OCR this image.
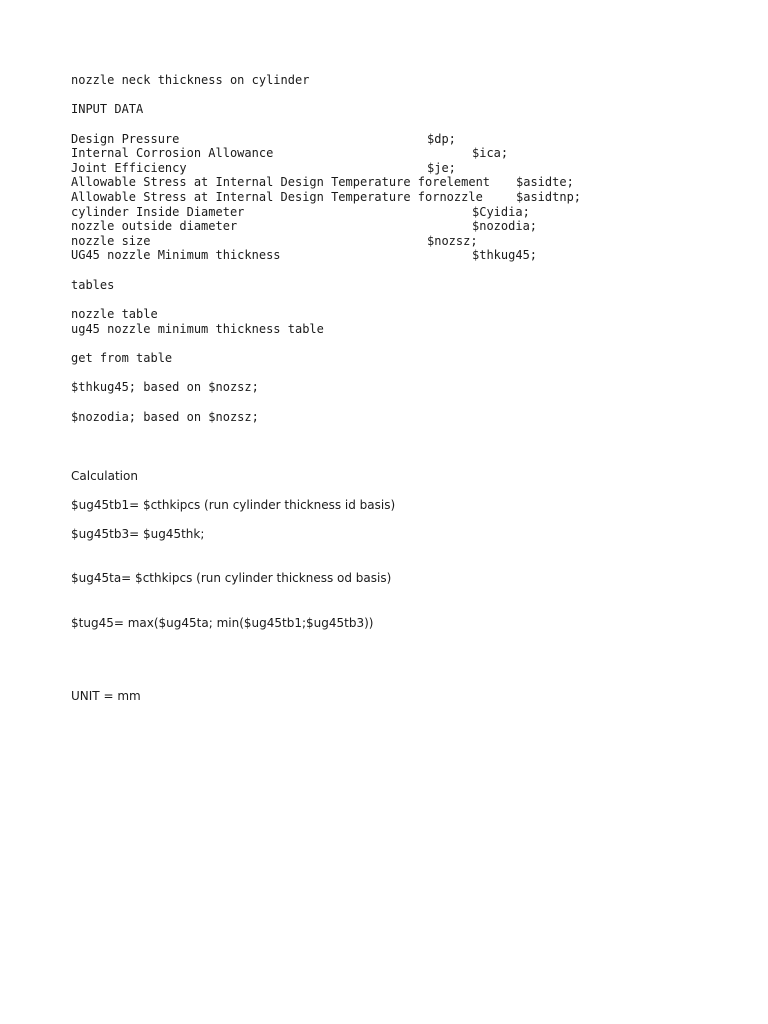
nozzle neck thickness on cylinder
INPUT DATA
Design Pressure	$dp;
Internal Corrosion Allowance	$ica;
Joint Efficiency	$je;
Allowable Stress at Internal Design Temperature forelement $asidte;
Allowable Stress at Internal Design Temperature fornozzle	$asidtnp;
cylinder Inside Diameter	$Cyidia;
nozzle outside diameter	$nozodia;
nozzle size	$nozsz;
UG45 nozzle Minimum thickness	$thkug45;
tables
nozzle table
ug45 nozzle minimum thickness table
get from table
$thkug45; based on $nozsz;
$nozodia; based on $nozsz;
Calculation
$ug45tb1= $cthkipcs (run cylinder thickness id basis)
$ug45tb3= $ug45thk;
$ug45ta= $cthkipcs (run cylinder thickness od basis)
$tug45= max($ug45ta; min($ug45tb1;$ug45tb3))
UNIT = mm
